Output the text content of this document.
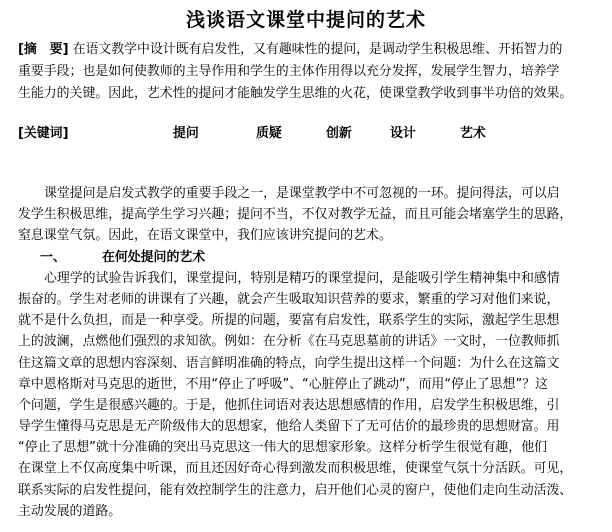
浅谈语文课堂中提问的艺术
[摘　要] 在语文教学中设计既有启发性，又有趣味性的提问，是调动学生积极思维、开拓智力的
重要手段；也是如何使教师的主导作用和学生的主体作用得以充分发挥，发展学生智力，培养学
生能力的关键。因此，艺术性的提问才能触发学生思维的火花，使课堂教学收到事半功倍的效果。
[关键词]	提问	质疑	创新	设计	艺术
课堂提问是启发式教学的重要手段之一，是课堂教学中不可忽视的一环。提问得法，可以启
发学生积极思维，提高学生学习兴趣；提问不当，不仅对教学无益，而且可能会堵塞学生的思路，
窒息课堂气氛。因此，在语文课堂中，我们应该讲究提问的艺术。
一、	在何处提问的艺术
心理学的试验告诉我们，课堂提问，特别是精巧的课堂提问，是能吸引学生精神集中和感情
振奋的。学生对老师的讲课有了兴趣，就会产生吸取知识营养的要求，繁重的学习对他们来说，
就不是什么负担，而是一种享受。所提的问题，要富有启发性，联系学生的实际，激起学生思想
上的波澜，点燃他们强烈的求知欲。例如：在分析《在马克思墓前的讲话》一文时，一位教师抓
住这篇文章的思想内容深刻、语言鲜明准确的特点，向学生提出这样一个问题：为什么在这篇文
章中恩格斯对马克思的逝世，不用“停止了呼吸”、“心脏停止了跳动”，而用“停止了思想”？这
个问题，学生是很感兴趣的。于是，他抓住词语对表达思想感情的作用，启发学生积极思维，引
导学生懂得马克思是无产阶级伟大的思想家，他给人类留下了无可估价的最珍贵的思想财富。用
“停止了思想”就十分准确的突出马克思这一伟大的思想家形象。这样分析学生很觉有趣，他们
在课堂上不仅高度集中听课，而且还因好奇心得到激发而积极思维，使课堂气氛十分活跃。可见，
联系实际的启发性提问，能有效控制学生的注意力，启开他们心灵的窗户，使他们走向生动活泼、
主动发展的道路。
